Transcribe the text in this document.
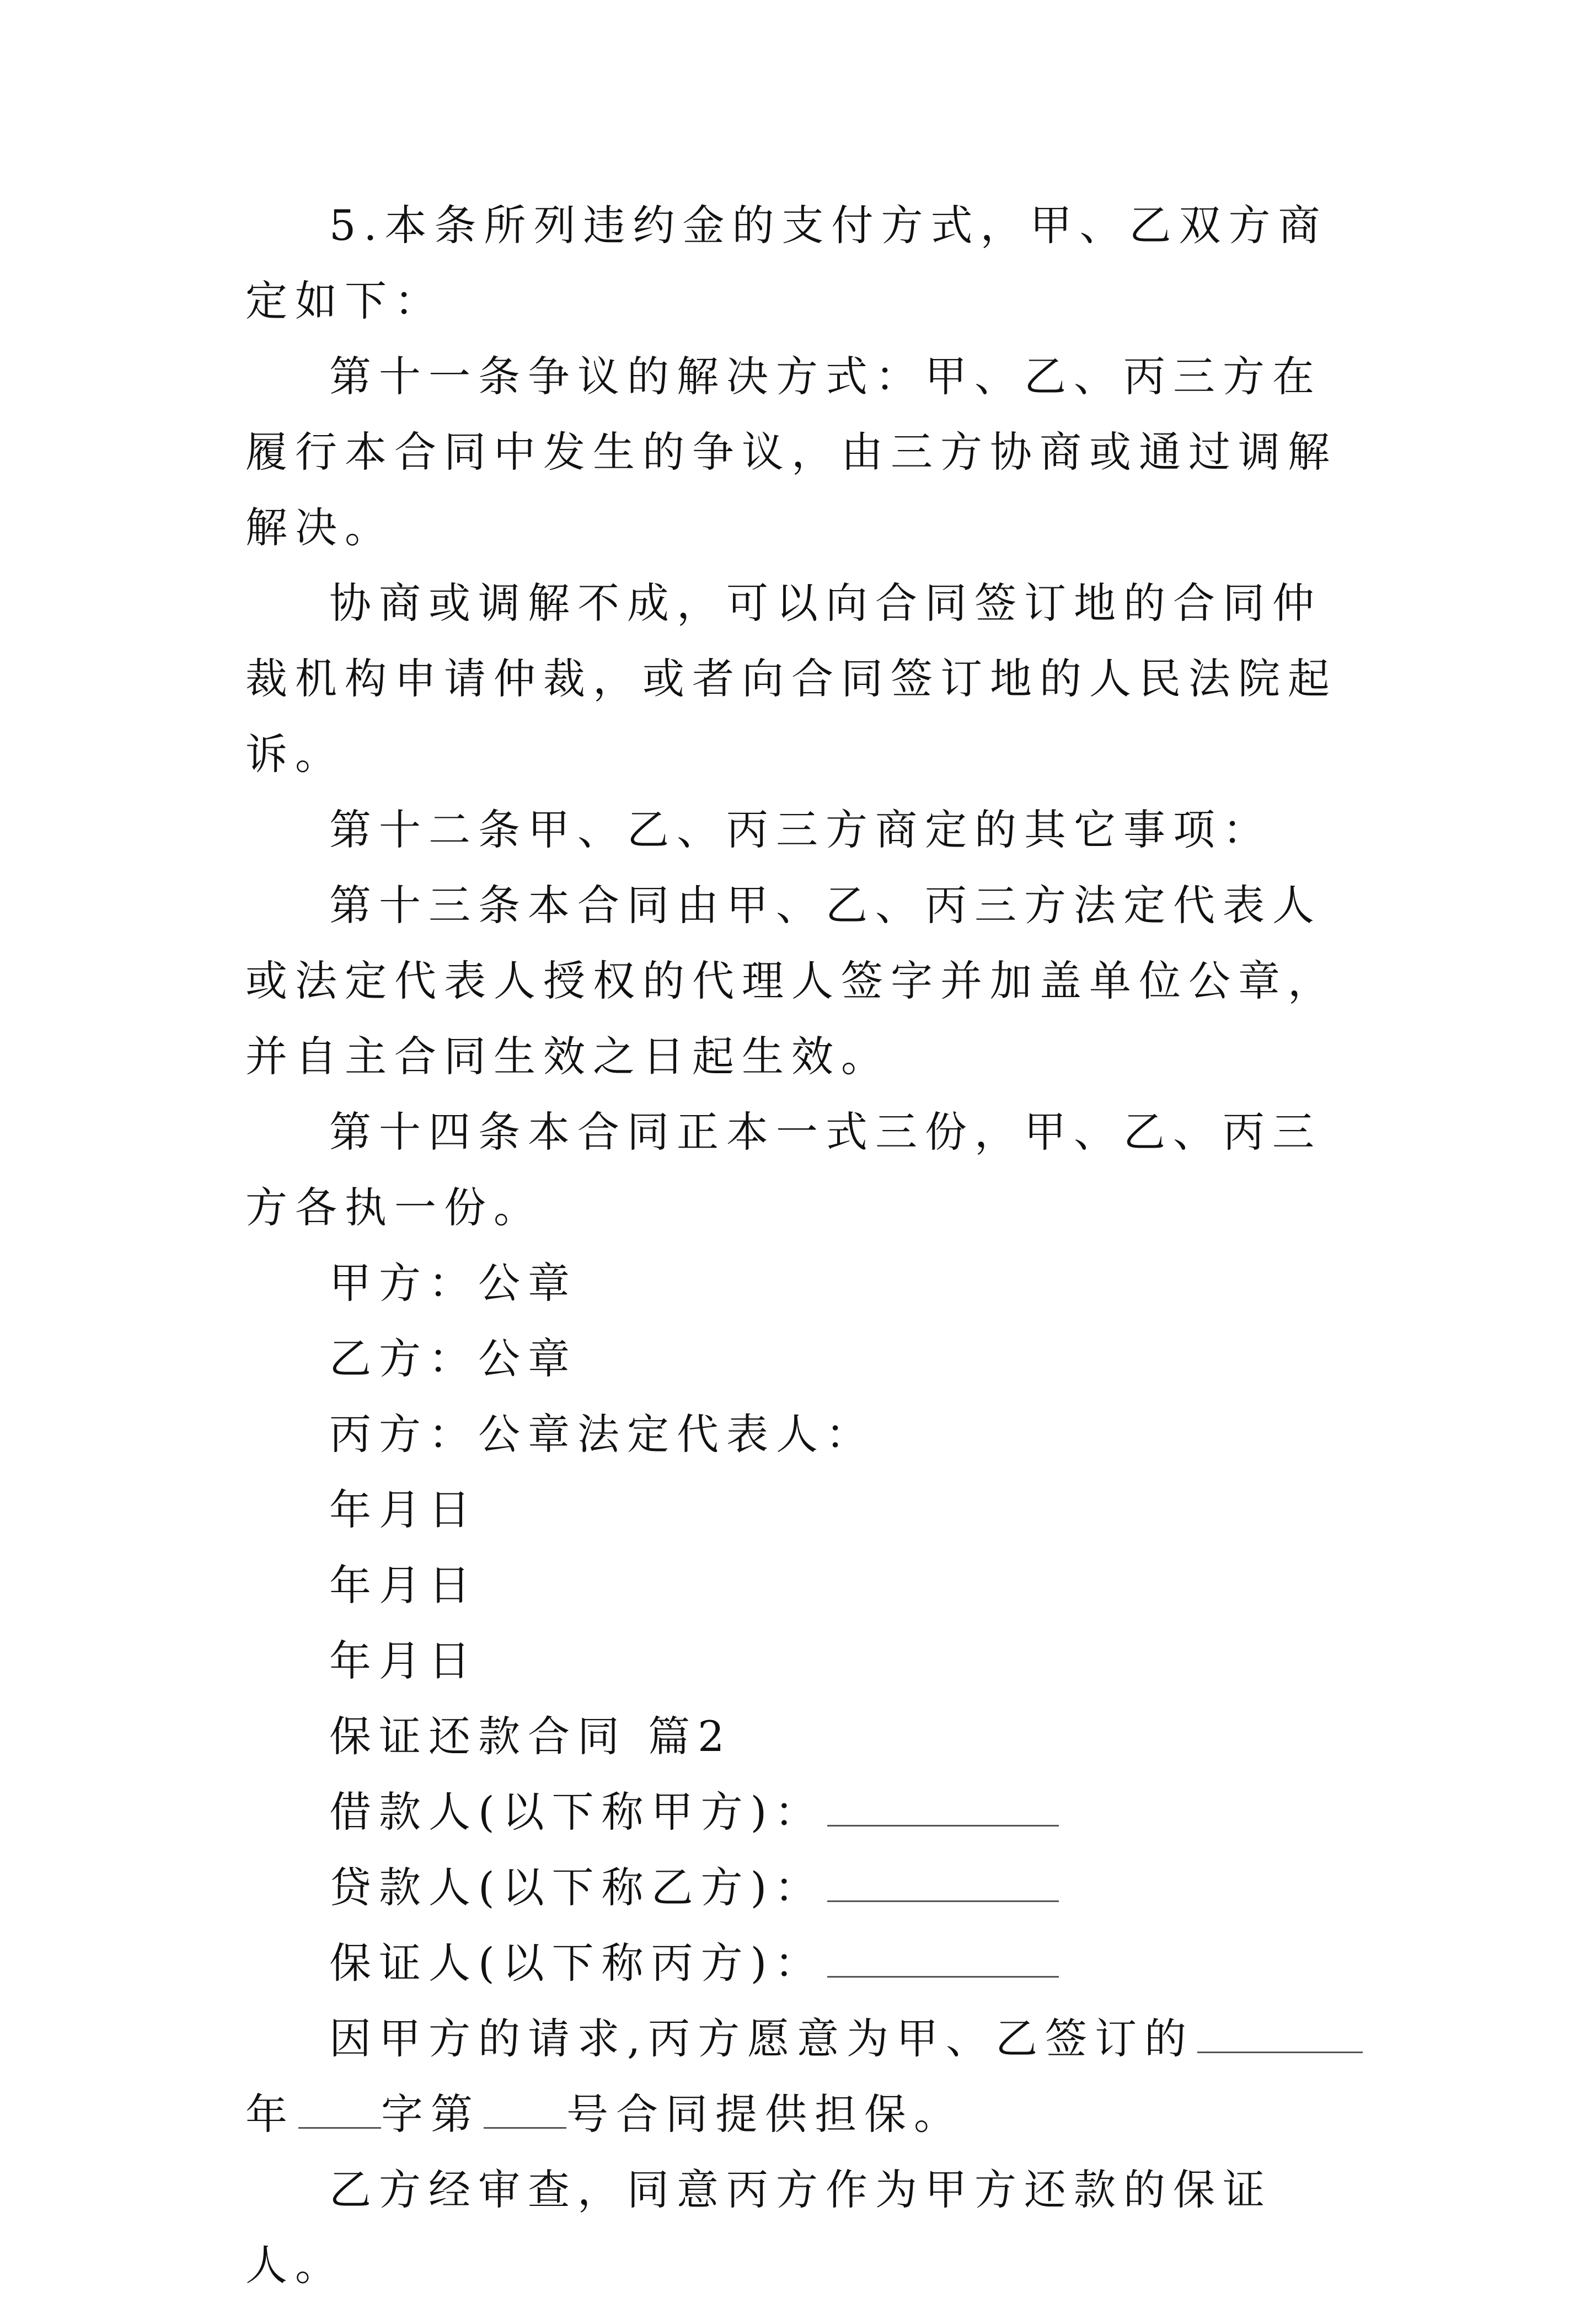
5.本条所列违约金的支付方式，甲、乙双方商定如下：

第十一条争议的解决方式：甲、乙、丙三方在履行本合同中发生的争议，由三方协商或通过调解解决。

协商或调解不成，可以向合同签订地的合同仲裁机构申请仲裁，或者向合同签订地的人民法院起诉。

第十二条甲、乙、丙三方商定的其它事项：

第十三条本合同由甲、乙、丙三方法定代表人或法定代表人授权的代理人签字并加盖单位公章，并自主合同生效之日起生效。

第十四条本合同正本一式三份，甲、乙、丙三方各执一份。

甲方：公章

乙方：公章

丙方：公章法定代表人：

年月日

年月日

年月日

保证还款合同 篇2

借款人(以下称甲方)：

贷款人(以下称乙方)：

保证人(以下称丙方)：

因甲方的请求,丙方愿意为甲、乙签订的年 字第 号合同提供担保。

乙方经审查，同意丙方作为甲方还款的保证人。
